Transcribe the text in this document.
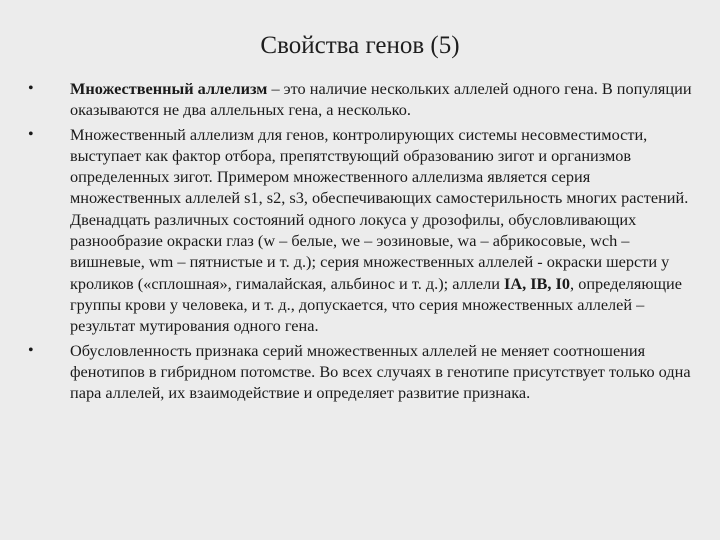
Свойства генов (5)
• Множественный аллелизм – это наличие нескольких аллелей одного гена. В популяции оказываются не два аллельных гена, а несколько.
• Множественный аллелизм для генов, контролирующих системы несовместимости, выступает как фактор отбора, препятствующий образованию зигот и организмов определенных зигот. Примером множественного аллелизма является серия множественных аллелей s1, s2, s3, обеспечивающих самостерильность многих растений. Двенадцать различных состояний одного локуса у дрозофилы, обусловливающих разнообразие окраски глаз (w – белые, we – эозиновые, wa – абрикосовые, wch – вишневые, wm – пятнистые и т. д.); серия множественных аллелей - окраски шерсти у кроликов («сплошная», гималайская, альбинос и т. д.); аллели IA, IB, I0, определяющие группы крови у человека, и т. д., допускается, что серия множественных аллелей – результат мутирования одного гена.
• Обусловленность признака серий множественных аллелей не меняет соотношения фенотипов в гибридном потомстве. Во всех случаях в генотипе присутствует только одна пара аллелей, их взаимодействие и определяет развитие признака.
